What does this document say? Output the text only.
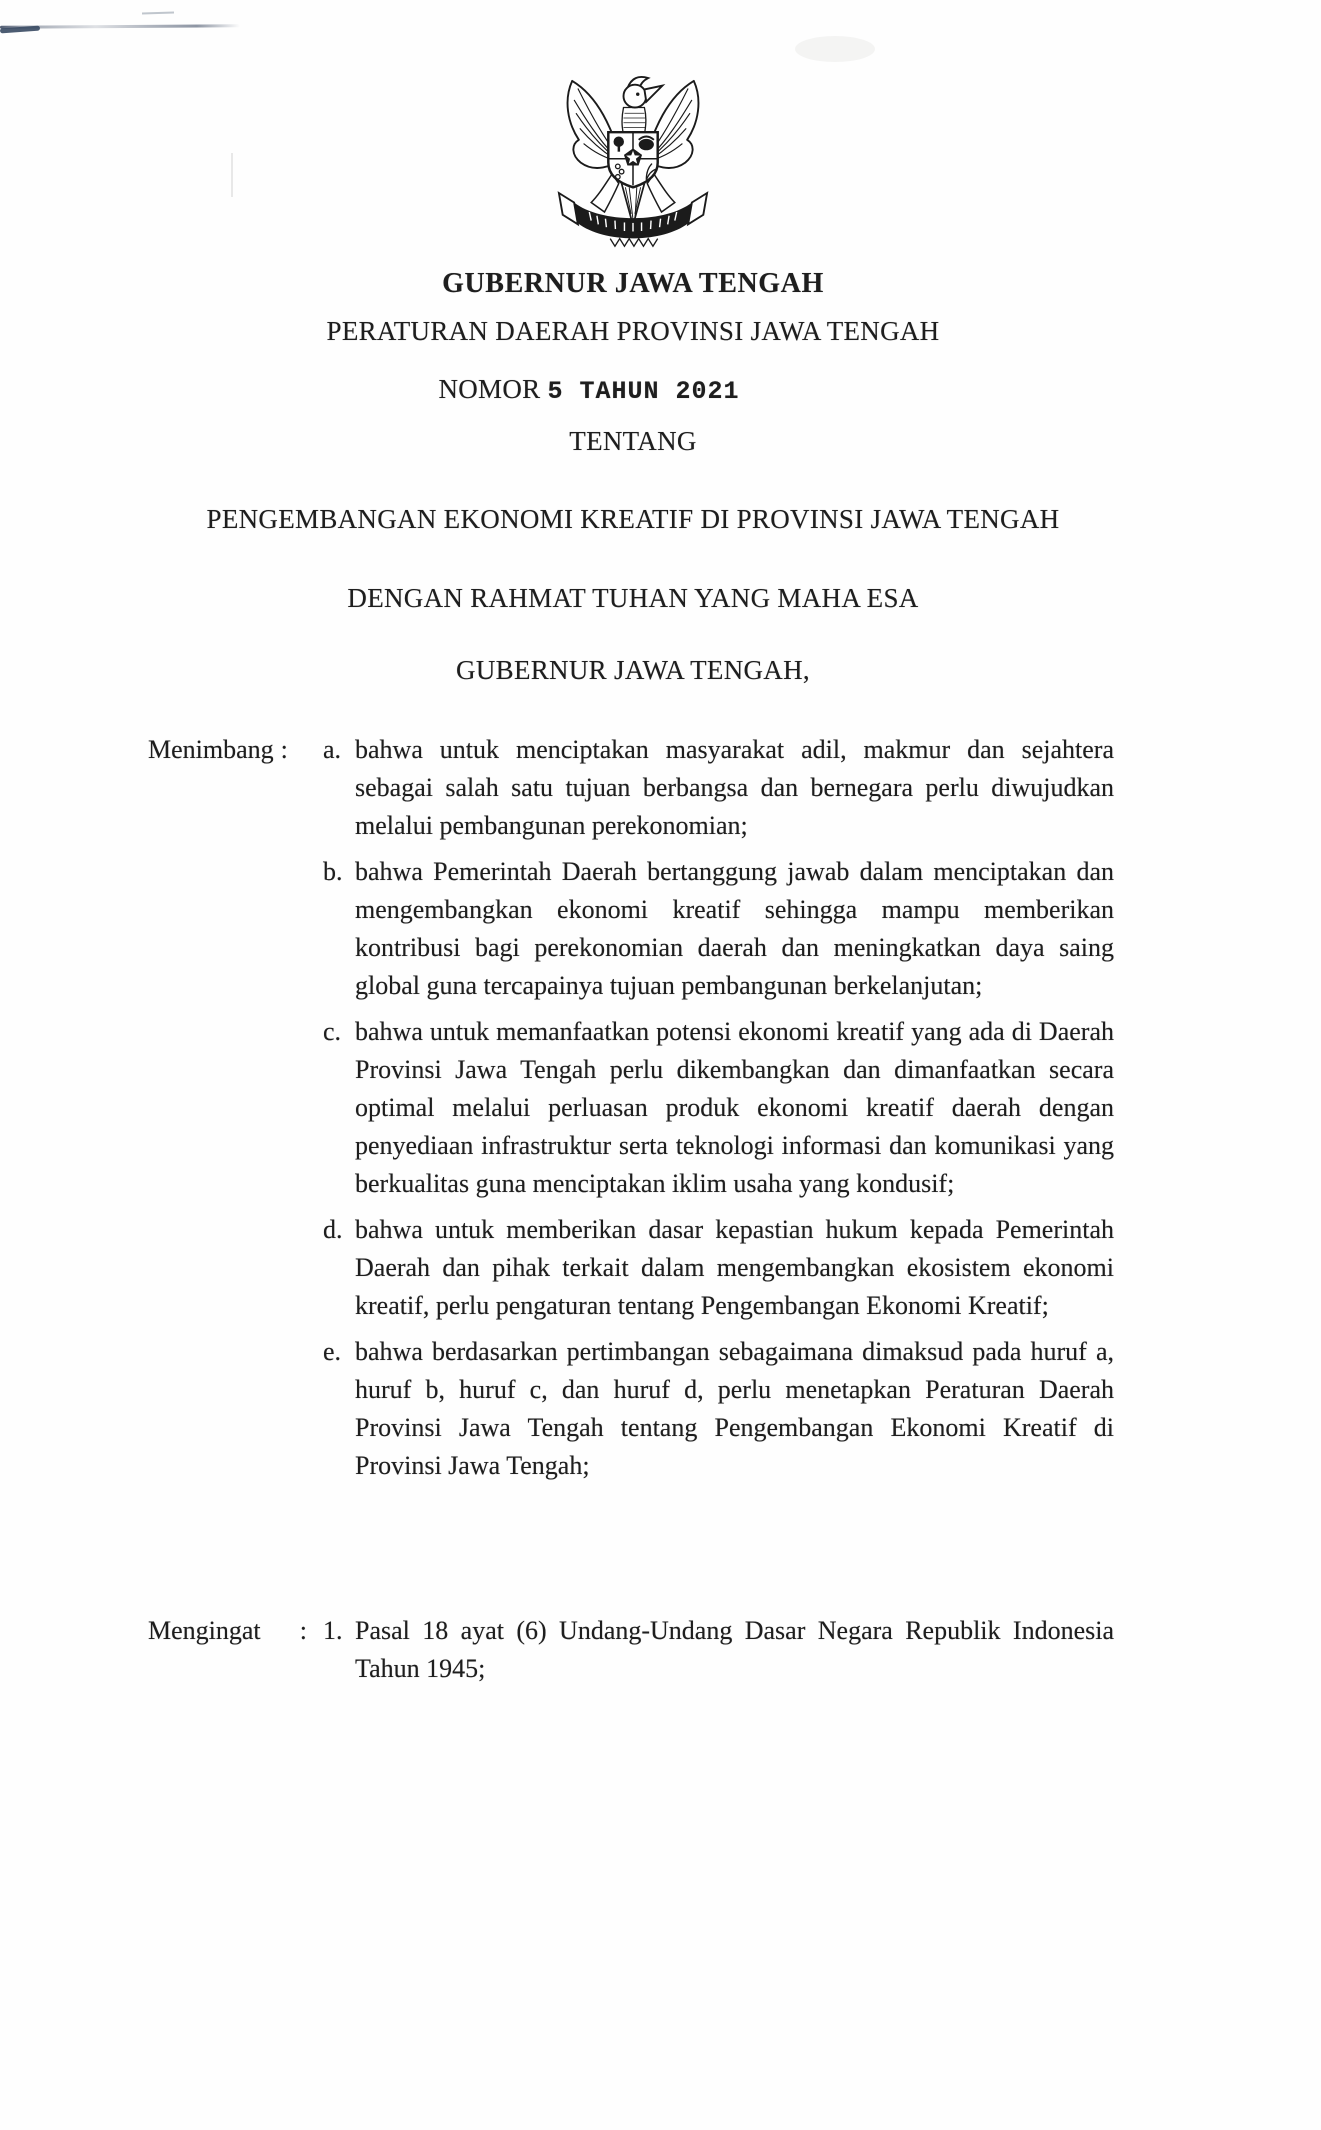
GUBERNUR JAWA TENGAH
PERATURAN DAERAH PROVINSI JAWA TENGAH
NOMOR 5 TAHUN 2021
TENTANG
PENGEMBANGAN EKONOMI KREATIF DI PROVINSI JAWA TENGAH
DENGAN RAHMAT TUHAN YANG MAHA ESA
GUBERNUR JAWA TENGAH,
Menimbang : a. bahwa untuk menciptakan masyarakat adil, makmur dan sejahtera sebagai salah satu tujuan berbangsa dan bernegara perlu diwujudkan melalui pembangunan perekonomian;
b. bahwa Pemerintah Daerah bertanggung jawab dalam menciptakan dan mengembangkan ekonomi kreatif sehingga mampu memberikan kontribusi bagi perekonomian daerah dan meningkatkan daya saing global guna tercapainya tujuan pembangunan berkelanjutan;
c. bahwa untuk memanfaatkan potensi ekonomi kreatif yang ada di Daerah Provinsi Jawa Tengah perlu dikembangkan dan dimanfaatkan secara optimal melalui perluasan produk ekonomi kreatif daerah dengan penyediaan infrastruktur serta teknologi informasi dan komunikasi yang berkualitas guna menciptakan iklim usaha yang kondusif;
d. bahwa untuk memberikan dasar kepastian hukum kepada Pemerintah Daerah dan pihak terkait dalam mengembangkan ekosistem ekonomi kreatif, perlu pengaturan tentang Pengembangan Ekonomi Kreatif;
e. bahwa berdasarkan pertimbangan sebagaimana dimaksud pada huruf a, huruf b, huruf c, dan huruf d, perlu menetapkan Peraturan Daerah Provinsi Jawa Tengah tentang Pengembangan Ekonomi Kreatif di Provinsi Jawa Tengah;
Mengingat : 1. Pasal 18 ayat (6) Undang-Undang Dasar Negara Republik Indonesia Tahun 1945;
